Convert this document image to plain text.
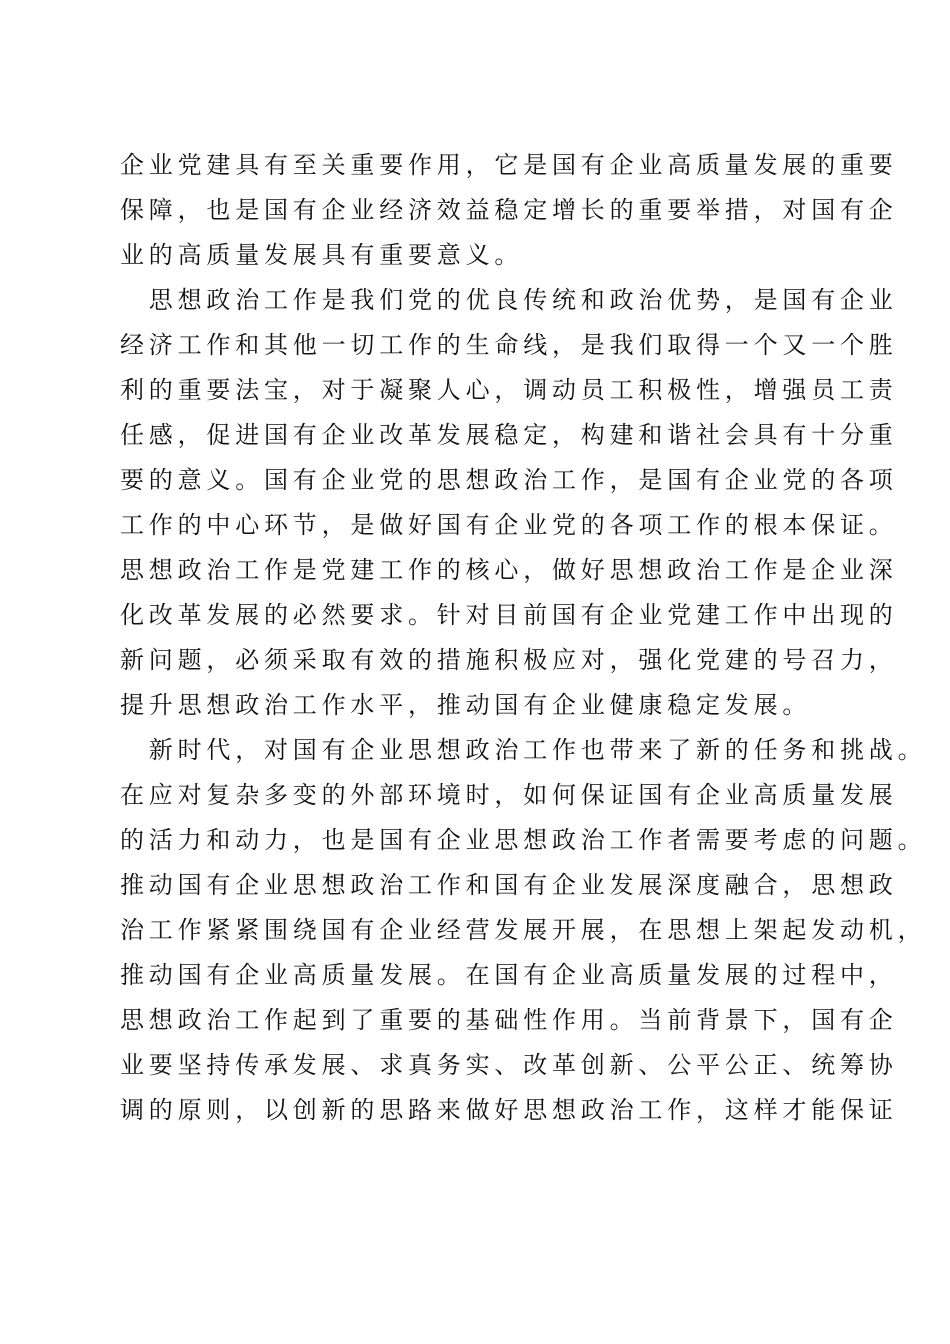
企业党建具有至关重要作用，它是国有企业高质量发展的重要
保障，也是国有企业经济效益稳定增长的重要举措，对国有企
业的高质量发展具有重要意义。
　思想政治工作是我们党的优良传统和政治优势，是国有企业
经济工作和其他一切工作的生命线，是我们取得一个又一个胜
利的重要法宝，对于凝聚人心，调动员工积极性，增强员工责
任感，促进国有企业改革发展稳定，构建和谐社会具有十分重
要的意义。国有企业党的思想政治工作，是国有企业党的各项
工作的中心环节，是做好国有企业党的各项工作的根本保证。
思想政治工作是党建工作的核心，做好思想政治工作是企业深
化改革发展的必然要求。针对目前国有企业党建工作中出现的
新问题，必须采取有效的措施积极应对，强化党建的号召力，
提升思想政治工作水平，推动国有企业健康稳定发展。
　新时代，对国有企业思想政治工作也带来了新的任务和挑战。
在应对复杂多变的外部环境时，如何保证国有企业高质量发展
的活力和动力，也是国有企业思想政治工作者需要考虑的问题。
推动国有企业思想政治工作和国有企业发展深度融合，思想政
治工作紧紧围绕国有企业经营发展开展，在思想上架起发动机，
推动国有企业高质量发展。在国有企业高质量发展的过程中，
思想政治工作起到了重要的基础性作用。当前背景下，国有企
业要坚持传承发展、求真务实、改革创新、公平公正、统筹协
调的原则，以创新的思路来做好思想政治工作，这样才能保证
